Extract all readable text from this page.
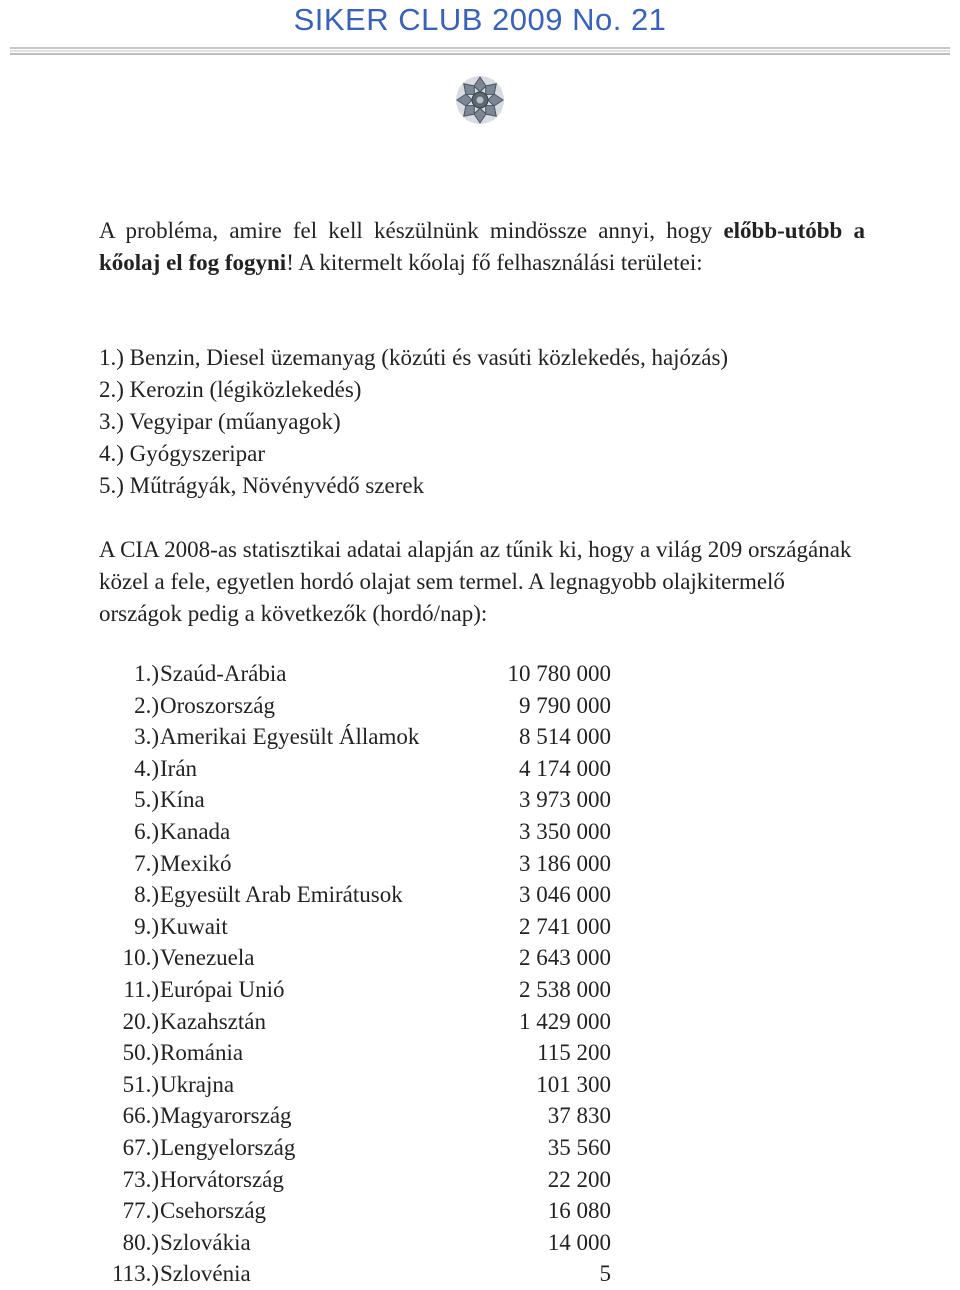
SIKER CLUB 2009 No. 21

A probléma, amire fel kell készülnünk mindössze annyi, hogy előbb-utóbb a kőolaj el fog fogyni! A kitermelt kőolaj fő felhasználási területei:

1.) Benzin, Diesel üzemanyag (közúti és vasúti közlekedés, hajózás)
2.) Kerozin (légiközlekedés)
3.) Vegyipar (műanyagok)
4.) Gyógyszeripar
5.) Műtrágyák, Növényvédő szerek

A CIA 2008-as statisztikai adatai alapján az tűnik ki, hogy a világ 209 országának közel a fele, egyetlen hordó olajat sem termel. A legnagyobb olajkitermelő országok pedig a következők (hordó/nap):

1.) Szaúd-Arábia	10 780 000
2.) Oroszország	9 790 000
3.) Amerikai Egyesült Államok	8 514 000
4.) Irán	4 174 000
5.) Kína	3 973 000
6.) Kanada	3 350 000
7.) Mexikó	3 186 000
8.) Egyesült Arab Emirátusok	3 046 000
9.) Kuwait	2 741 000
10.) Venezuela	2 643 000
11.) Európai Unió	2 538 000
20.) Kazahsztán	1 429 000
50.) Románia	115 200
51.) Ukrajna	101 300
66.) Magyarország	37 830
67.) Lengyelország	35 560
73.) Horvátország	22 200
77.) Csehország	16 080
80.) Szlovákia	14 000
113.) Szlovénia	5
